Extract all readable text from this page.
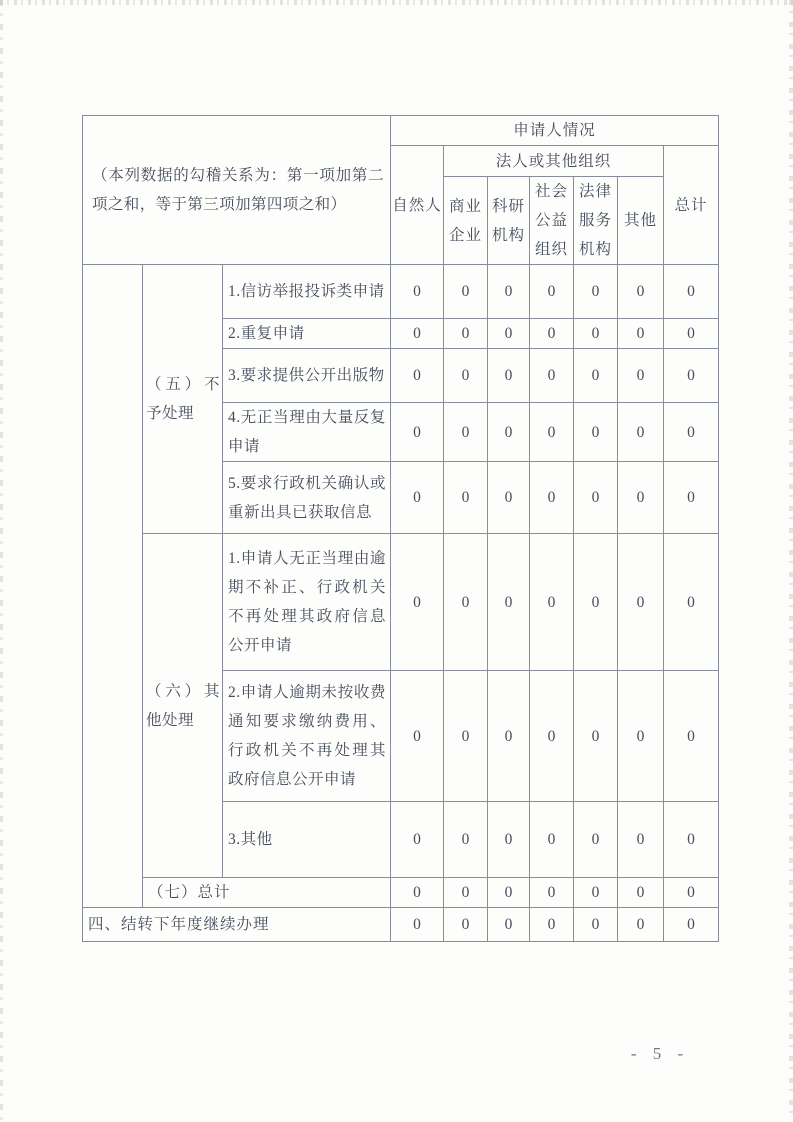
（本列数据的勾稽关系为：第一项加第二项之和，等于第三项加第四项之和）			申请人情况						
			自然人	法人或其他组织					总计
				商业企业	科研机构	社会公益组织	法律服务机构	其他	
	（五）不予处理	1.信访举报投诉类申请	0	0	0	0	0	0	0
		2.重复申请	0	0	0	0	0	0	0
		3.要求提供公开出版物	0	0	0	0	0	0	0
		4.无正当理由大量反复申请	0	0	0	0	0	0	0
		5.要求行政机关确认或重新出具已获取信息	0	0	0	0	0	0	0
	（六）其他处理	1.申请人无正当理由逾期不补正、行政机关不再处理其政府信息公开申请	0	0	0	0	0	0	0
		2.申请人逾期未按收费通知要求缴纳费用、行政机关不再处理其政府信息公开申请	0	0	0	0	0	0	0
		3.其他	0	0	0	0	0	0	0
	（七）总计		0	0	0	0	0	0	0
四、结转下年度继续办理			0	0	0	0	0	0	0
- 5 -
